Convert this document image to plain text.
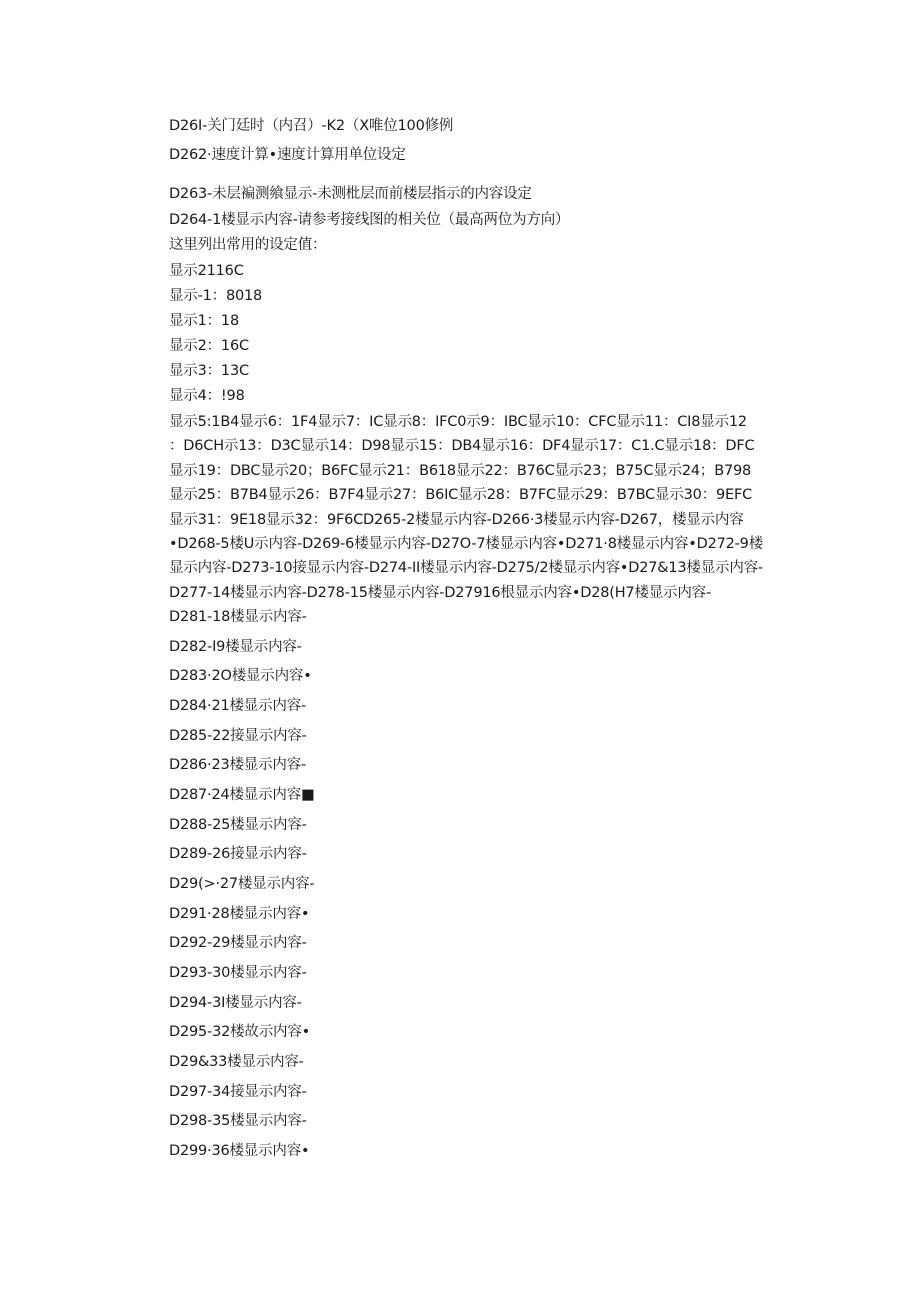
D26I-关门廷时（内召）-K2（X唯位100修例
D262·速度计算•速度计算用单位设定
D263-未层褊测飨显示-未测枇层而前楼层指示的内容设定
D264-1楼显示内容-请参考接线图的相关位（最高两位为方向）
这里列出常用的设定值：
显示2116C
显示-1：8018
显示1：18
显示2：16C
显示3：13C
显示4：!98
显示5:1B4显示6：1F4显示7：IC显示8：IFC0示9：IBC显示10：CFC显示11：CI8显示12
：D6CH示13：D3C显示14：D98显示15：DB4显示16：DF4显示17：C1.C显示18：DFC
显示19：DBC显示20；B6FC显示21：B618显示22：B76C显示23；B75C显示24；B798
显示25：B7B4显示26：B7F4显示27：B6IC显示28：B7FC显示29：B7BC显示30：9EFC
显示31：9E18显示32：9F6CD265-2楼显示内容-D266·3楼显示内容-D267，楼显示内容
•D268-5楼U示内容-D269-6楼显示内容-D27O-7楼显示内容•D271·8楼显示内容•D272-9楼
显示内容-D273-10接显示内容-D274-II楼显示内容-D275/2楼显示内容•D27&13楼显示内容-
D277-14楼显示内容-D278-15楼显示内容-D27916根显示内容•D28(H7楼显示内容-
D281-18楼显示内容-
D282-I9楼显示内容-
D283·2O楼显示内容•
D284·21楼显示内容-
D285-22接显示内容-
D286·23楼显示内容-
D287·24楼显示内容■
D288-25楼显示内容-
D289-26接显示内容-
D29(>·27楼显示内容-
D291·28楼显示内容•
D292-29楼显示内容-
D293-30楼显示内容-
D294-3I楼显示内容-
D295-32楼故示内容•
D29&33楼显示内容-
D297-34接显示内容-
D298-35楼显示内容-
D299·36楼显示内容•
